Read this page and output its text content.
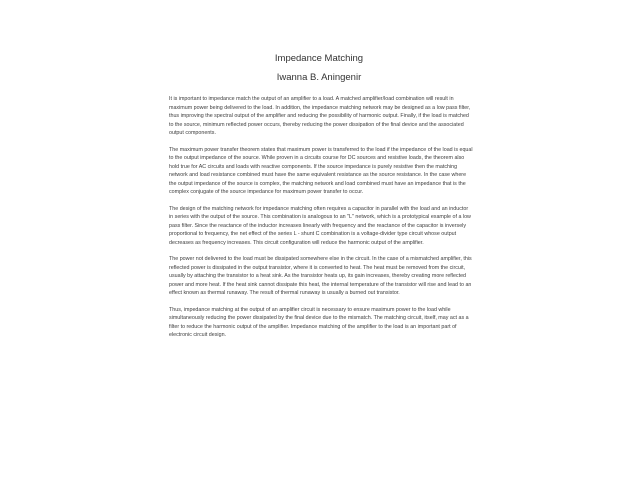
Impedance Matching
Iwanna B. Aningenir

It is important to impedance match the output of an amplifier to a load. A matched amplifier/load combination will result in maximum power being delivered to the load. In addition, the impedance matching network may be designed as a low pass filter, thus improving the spectral output of the amplifier and reducing the possibility of harmonic output. Finally, if the load is matched to the source, minimum reflected power occurs, thereby reducing the power dissipation of the final device and the associated output components.

The maximum power transfer theorem states that maximum power is transferred to the load if the impedance of the load is equal to the output impedance of the source. While proven in a circuits course for DC sources and resistive loads, the theorem also hold true for AC circuits and loads with reactive components. If the source impedance is purely resistive then the matching network and load resistance combined must have the same equivalent resistance as the source resistance. In the case where the output impedance of the source is complex, the matching network and load combined must have an impedance that is the complex conjugate of the source impedance for maximum power transfer to occur.

The design of the matching network for impedance matching often requires a capacitor in parallel with the load and an inductor in series with the output of the source. This combination is analogous to an "L" network, which is a prototypical example of a low pass filter. Since the reactance of the inductor increases linearly with frequency and the reactance of the capacitor is inversely proportional to frequency, the net effect of the series L - shunt C combination is a voltage-divider type circuit whose output decreases as frequency increases. This circuit configuration will reduce the harmonic output of the amplifier.

The power not delivered to the load must be dissipated somewhere else in the circuit. In the case of a mismatched amplifier, this reflected power is dissipated in the output transistor, where it is converted to heat. The heat must be removed from the circuit, usually by attaching the transistor to a heat sink. As the transistor heats up, its gain increases, thereby creating more reflected power and more heat. If the heat sink cannot dissipate this heat, the internal temperature of the transistor will rise and lead to an effect known as thermal runaway. The result of thermal runaway is usually a burned out transistor.

Thus, impedance matching at the output of an amplifier circuit is necessary to ensure maximum power to the load while simultaneously reducing the power dissipated by the final device due to the mismatch. The matching circuit, itself, may act as a filter to reduce the harmonic output of the amplifier. Impedance matching of the amplifier to the load is an important part of electronic circuit design.
